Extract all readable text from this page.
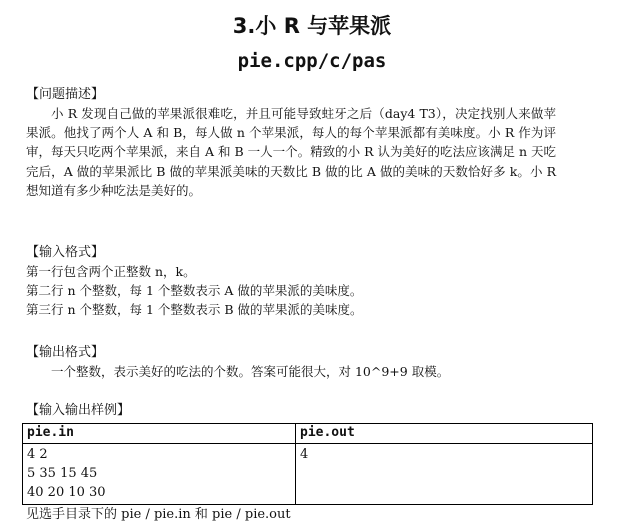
3.小 R 与苹果派
pie.cpp/c/pas
【问题描述】
小 R 发现自己做的苹果派很难吃，并且可能导致蛀牙之后（day4 T3），决定找别人来做苹果派。他找了两个人 A 和 B，每人做 n 个苹果派，每人的每个苹果派都有美味度。小 R 作为评审，每天只吃两个苹果派，来自 A 和 B 一人一个。精致的小 R 认为美好的吃法应该满足 n 天吃完后，A 做的苹果派比 B 做的苹果派美味的天数比 B 做的比 A 做的美味的天数恰好多 k。小 R 想知道有多少种吃法是美好的。
【输入格式】
第一行包含两个正整数 n，k。
第二行 n 个整数，每 1 个整数表示 A 做的苹果派的美味度。
第三行 n 个整数，每 1 个整数表示 B 做的苹果派的美味度。
【输出格式】
一个整数，表示美好的吃法的个数。答案可能很大，对 10^9+9 取模。
【输入输出样例】
pie.in	pie.out

4 2
5 35 15 45
40 20 10 30	4
见选手目录下的 pie / pie.in 和 pie / pie.out
